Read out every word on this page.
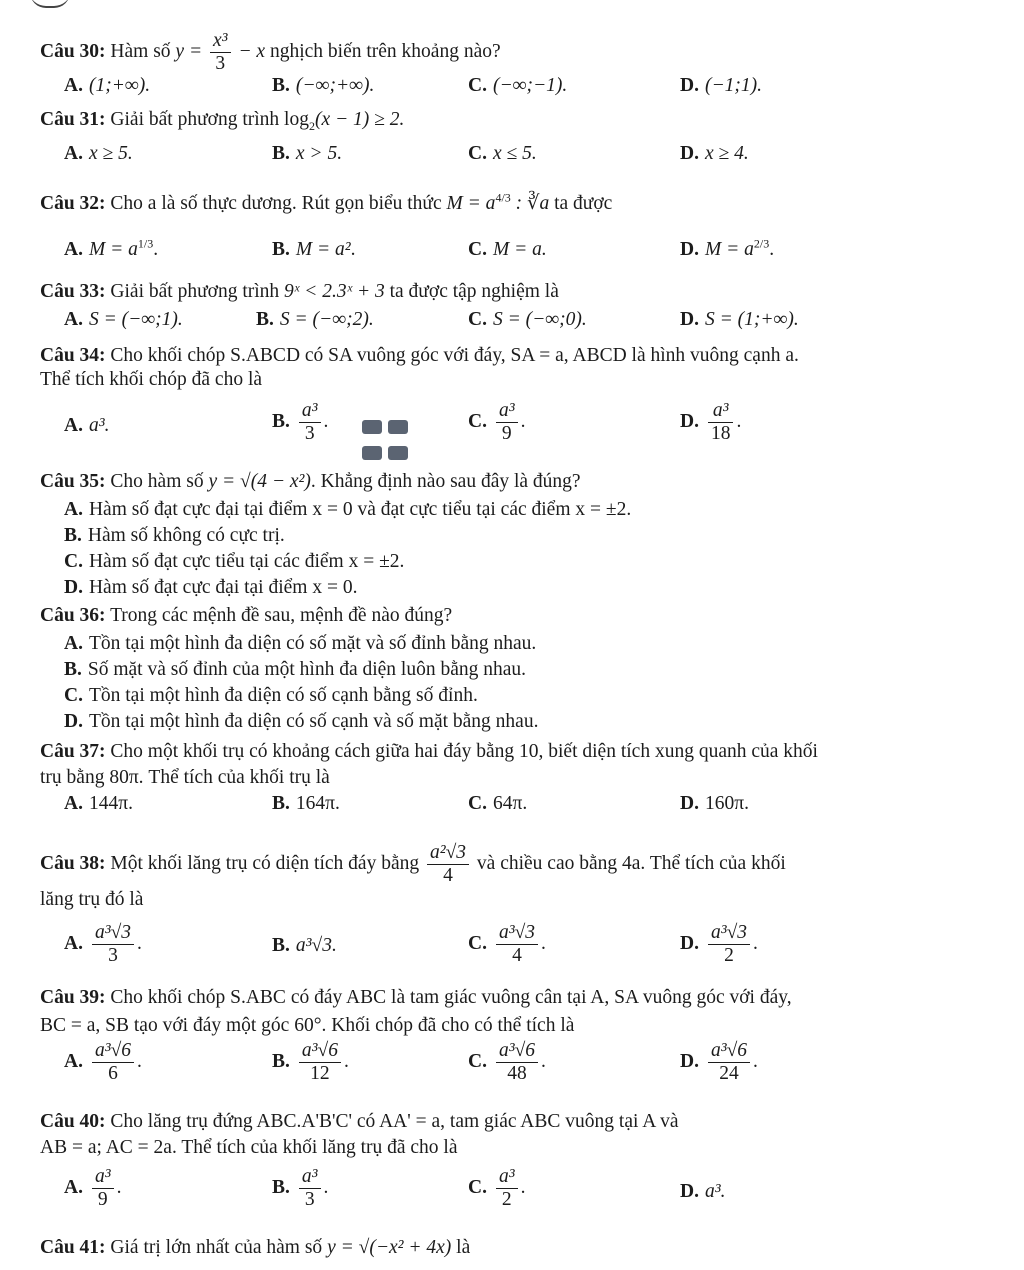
Câu 30: Hàm số $y = \frac{\text{x³}}{3} - x$ nghịch biến trên khoảng nào?
A. (1;+∞).	B. (−∞;+∞).	C. (−∞;−1).	D. (−1;1).
Câu 31: Giải bất phương trình $\log_2(x - 1) \ge 2$.
A. x ≥ 5.	B. x > 5.	C. x ≤ 5.	D. x ≥ 4.
Câu 32: Cho a là số thực dương. Rút gọn biểu thức $M = a^{4/3}$ : ∛a ta được
A. $M = a^{1/3}$.	B. M = a².	C. M = a.	D. $M = a^{2/3}$.
Câu 33: Giải bất phương trình 9ˣ < 2.3ˣ + 3 ta được tập nghiệm là
A. S = (−∞;1).	B. S = (−∞;2).	C. S = (−∞;0).	D. S = (1;+∞).
Câu 34: Cho khối chóp S.ABCD có SA vuông góc với đáy, SA = a, ABCD là hình vuông cạnh a.
Thể tích khối chóp đã cho là
A. a³.	B. $\frac{\text{a³}}{3}$ .	C. $\frac{\text{a³}}{9}$ .	D. $\frac{\text{a³}}{18}$ .
Câu 35: Cho hàm số y = √(4 − x²). Khẳng định nào sau đây là đúng?
A. Hàm số đạt cực đại tại điểm x = 0 và đạt cực tiểu tại các điểm x = ±2.
B. Hàm số không có cực trị.
C. Hàm số đạt cực tiểu tại các điểm x = ±2.
D. Hàm số đạt cực đại tại điểm x = 0.
Câu 36: Trong các mệnh đề sau, mệnh đề nào đúng?
A. Tồn tại một hình đa diện có số mặt và số đỉnh bằng nhau.
B. Số mặt và số đỉnh của một hình đa diện luôn bằng nhau.
C. Tồn tại một hình đa diện có số cạnh bằng số đỉnh.
D. Tồn tại một hình đa diện có số cạnh và số mặt bằng nhau.
Câu 37: Cho một khối trụ có khoảng cách giữa hai đáy bằng 10, biết diện tích xung quanh của khối
trụ bằng 80π. Thể tích của khối trụ là
A. 144π.	B. 164π.	C. 64π.	D. 160π.
Câu 38: Một khối lăng trụ có diện tích đáy bằng $\frac{\text{a²√3}}{4}$ và chiều cao bằng 4a. Thể tích của khối
lăng trụ đó là
A. $\frac{\text{a³√3}}{3}$ .	B. a³√3.	C. $\frac{\text{a³√3}}{4}$ .	D. $\frac{\text{a³√3}}{2}$ .
Câu 39: Cho khối chóp S.ABC có đáy ABC là tam giác vuông cân tại A, SA vuông góc với đáy,
BC = a, SB tạo với đáy một góc 60°. Khối chóp đã cho có thể tích là
A. $\frac{\text{a³√6}}{6}$ .	B. $\frac{\text{a³√6}}{12}$ .	C. $\frac{\text{a³√6}}{48}$ .	D. $\frac{\text{a³√6}}{24}$ .
Câu 40: Cho lăng trụ đứng ABC.A'B'C' có AA' = a, tam giác ABC vuông tại A và
AB = a; AC = 2a. Thể tích của khối lăng trụ đã cho là
A. $\frac{\text{a³}}{9}$ .	B. $\frac{\text{a³}}{3}$ .	C. $\frac{\text{a³}}{2}$ .	D. a³.
Câu 41: Giá trị lớn nhất của hàm số y = √(−x² + 4x) là
